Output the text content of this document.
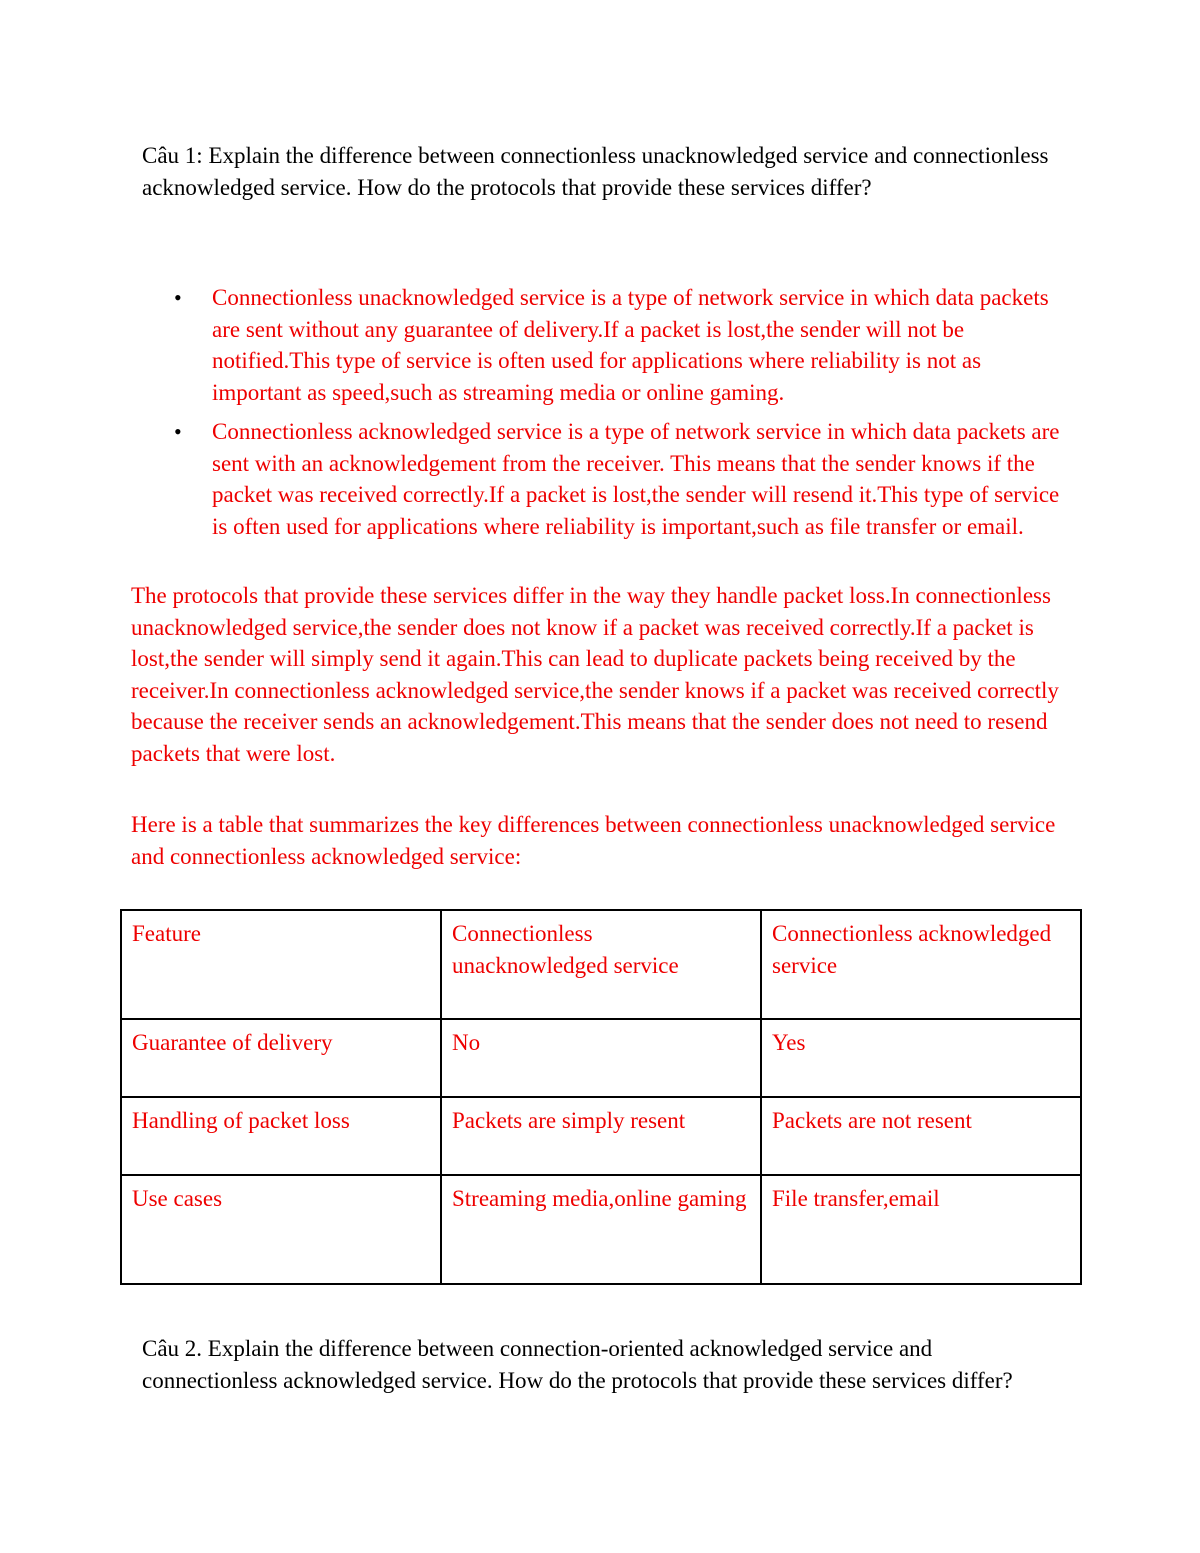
Câu 1: Explain the difference between connectionless unacknowledged service and connectionless acknowledged service. How do the protocols that provide these services differ?

• Connectionless unacknowledged service is a type of network service in which data packets are sent without any guarantee of delivery.If a packet is lost,the sender will not be notified.This type of service is often used for applications where reliability is not as important as speed,such as streaming media or online gaming.
• Connectionless acknowledged service is a type of network service in which data packets are sent with an acknowledgement from the receiver. This means that the sender knows if the packet was received correctly.If a packet is lost,the sender will resend it.This type of service is often used for applications where reliability is important,such as file transfer or email.

The protocols that provide these services differ in the way they handle packet loss.In connectionless unacknowledged service,the sender does not know if a packet was received correctly.If a packet is lost,the sender will simply send it again.This can lead to duplicate packets being received by the receiver.In connectionless acknowledged service,the sender knows if a packet was received correctly because the receiver sends an acknowledgement.This means that the sender does not need to resend packets that were lost.

Here is a table that summarizes the key differences between connectionless unacknowledged service and connectionless acknowledged service:

Feature	Connectionless unacknowledged service	Connectionless acknowledged service
Guarantee of delivery	No	Yes
Handling of packet loss	Packets are simply resent	Packets are not resent
Use cases	Streaming media,online gaming	File transfer,email

Câu 2. Explain the difference between connection-oriented acknowledged service and connectionless acknowledged service. How do the protocols that provide these services differ?
